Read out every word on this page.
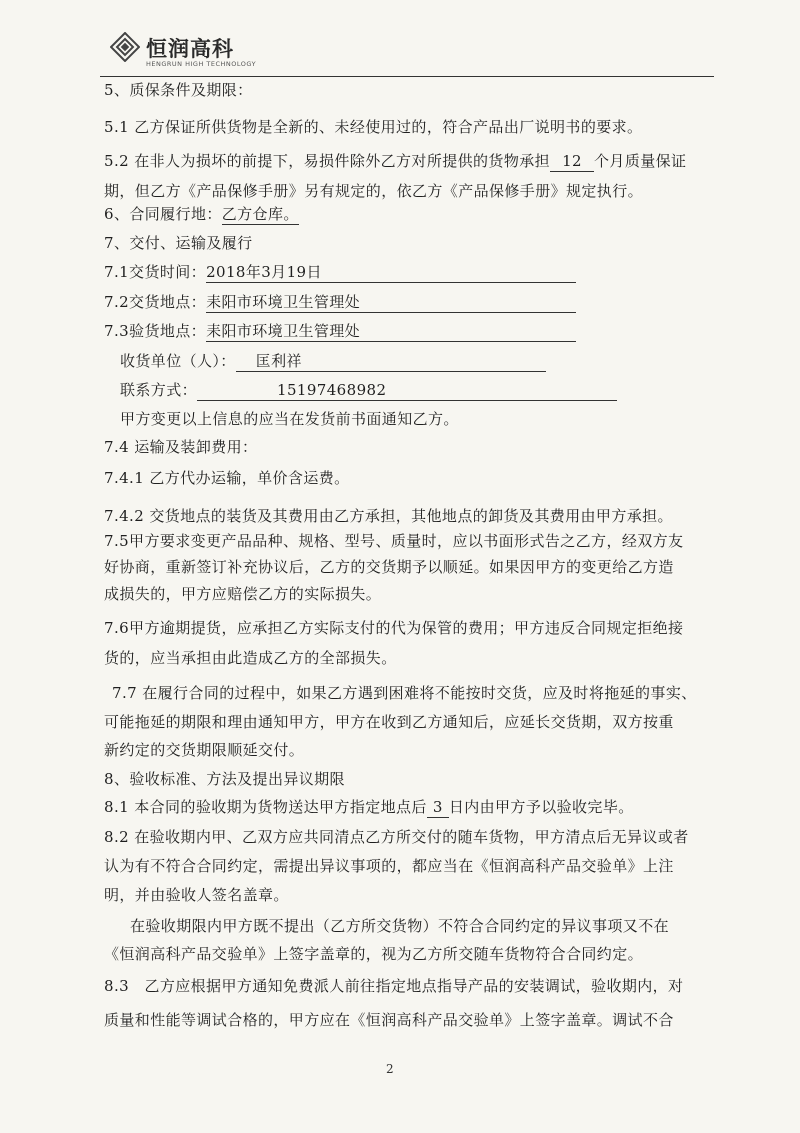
恒润高科
HENGRUN HIGH TECHNOLOGY
5、质保条件及期限：
5.1 乙方保证所供货物是全新的、未经使用过的，符合产品出厂说明书的要求。
5.2 在非人为损坏的前提下，易损件除外乙方对所提供的货物承担 12 个月质量保证
期，但乙方《产品保修手册》另有规定的，依乙方《产品保修手册》规定执行。
6、合同履行地：乙方仓库。
7、交付、运输及履行
7.1交货时间：2018年3月19日
7.2交货地点：耒阳市环境卫生管理处
7.3验货地点：耒阳市环境卫生管理处
收货单位（人）： 匡利祥
联系方式：	15197468982
甲方变更以上信息的应当在发货前书面通知乙方。
7.4 运输及装卸费用：
7.4.1 乙方代办运输，单价含运费。
7.4.2 交货地点的装货及其费用由乙方承担，其他地点的卸货及其费用由甲方承担。
7.5甲方要求变更产品品种、规格、型号、质量时，应以书面形式告之乙方，经双方友
好协商，重新签订补充协议后，乙方的交货期予以顺延。如果因甲方的变更给乙方造
成损失的，甲方应赔偿乙方的实际损失。
7.6甲方逾期提货，应承担乙方实际支付的代为保管的费用；甲方违反合同规定拒绝接
货的，应当承担由此造成乙方的全部损失。
7.7 在履行合同的过程中，如果乙方遇到困难将不能按时交货，应及时将拖延的事实、
可能拖延的期限和理由通知甲方，甲方在收到乙方通知后，应延长交货期，双方按重
新约定的交货期限顺延交付。
8、验收标准、方法及提出异议期限
8.1 本合同的验收期为货物送达甲方指定地点后 3 日内由甲方予以验收完毕。
8.2 在验收期内甲、乙双方应共同清点乙方所交付的随车货物，甲方清点后无异议或者
认为有不符合合同约定，需提出异议事项的，都应当在《恒润高科产品交验单》上注
明，并由验收人签名盖章。
在验收期限内甲方既不提出（乙方所交货物）不符合合同约定的异议事项又不在
《恒润高科产品交验单》上签字盖章的，视为乙方所交随车货物符合合同约定。
8.3　乙方应根据甲方通知免费派人前往指定地点指导产品的安装调试，验收期内，对
质量和性能等调试合格的，甲方应在《恒润高科产品交验单》上签字盖章。调试不合
2
